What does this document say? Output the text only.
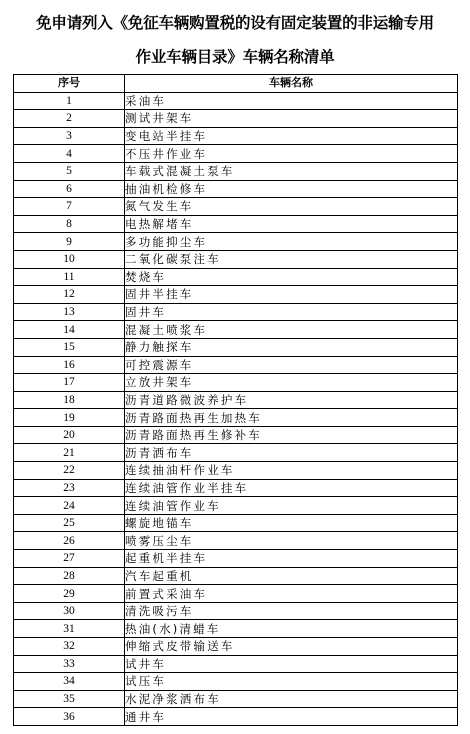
免申请列入《免征车辆购置税的设有固定装置的非运输专用
作业车辆目录》车辆名称清单
序号	车辆名称
1	采油车
2	测试井架车
3	变电站半挂车
4	不压井作业车
5	车载式混凝土泵车
6	抽油机检修车
7	氮气发生车
8	电热解堵车
9	多功能抑尘车
10	二氧化碳泵注车
11	焚烧车
12	固井半挂车
13	固井车
14	混凝土喷浆车
15	静力触探车
16	可控震源车
17	立放井架车
18	沥青道路微波养护车
19	沥青路面热再生加热车
20	沥青路面热再生修补车
21	沥青洒布车
22	连续抽油杆作业车
23	连续油管作业半挂车
24	连续油管作业车
25	螺旋地锚车
26	喷雾压尘车
27	起重机半挂车
28	汽车起重机
29	前置式采油车
30	清洗吸污车
31	热油(水)清蜡车
32	伸缩式皮带输送车
33	试井车
34	试压车
35	水泥净浆洒布车
36	通井车
